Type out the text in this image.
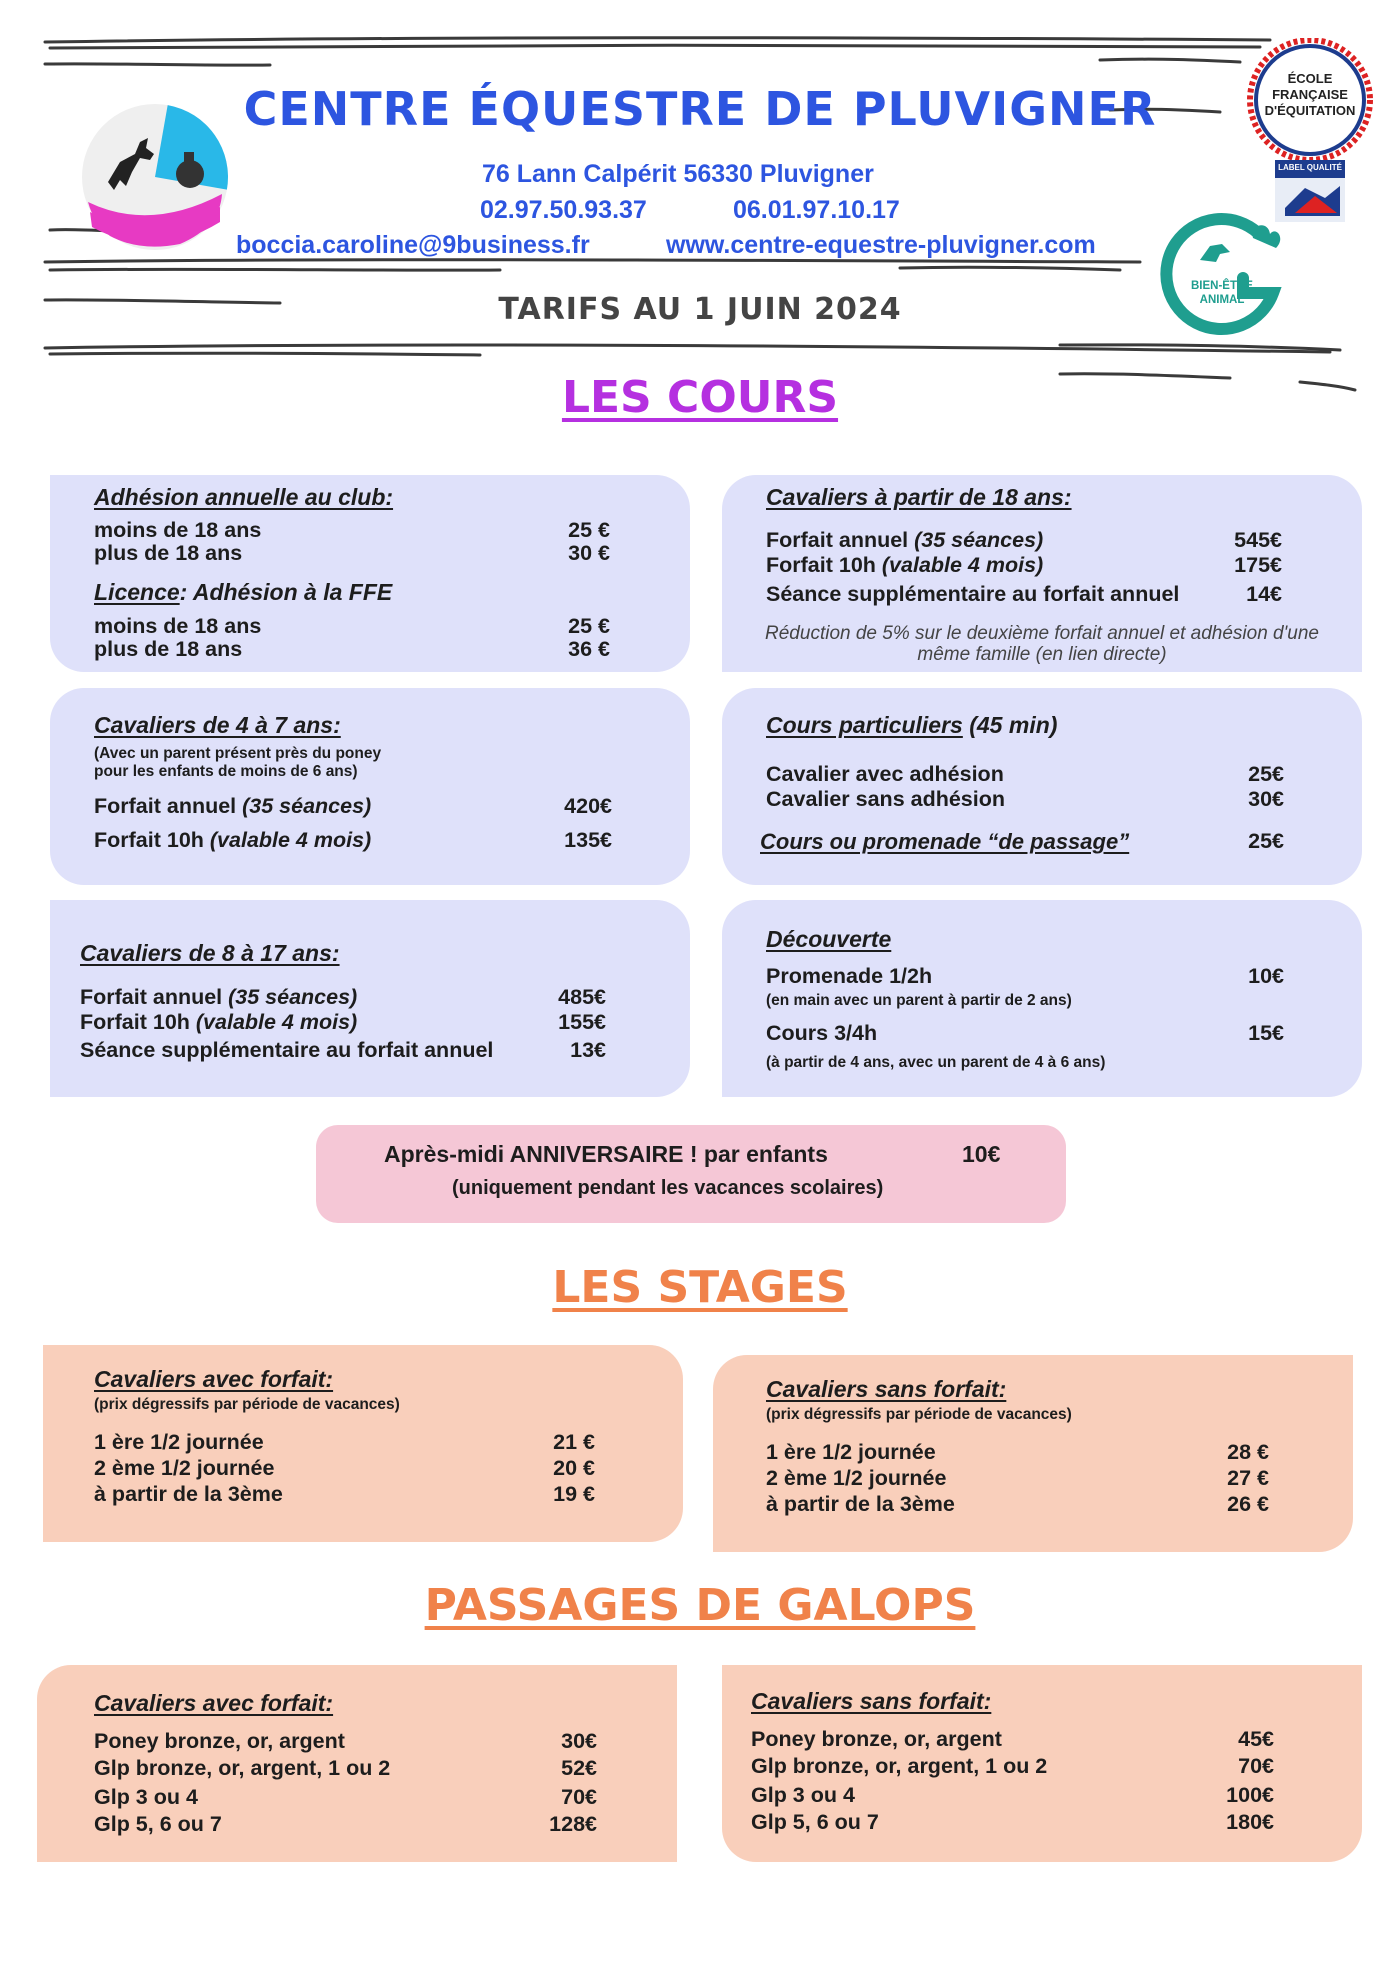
CENTRE ÉQUESTRE DE PLUVIGNER
76 Lann Calpérit 56330 Pluvigner
02.97.50.93.37	06.01.97.10.17
boccia.caroline@9business.fr	www.centre-equestre-pluvigner.com
TARIFS AU 1 JUIN 2024
ÉCOLE
FRANÇAISE
D'ÉQUITATION
LABEL QUALITÉ
BIEN-ÊTRE
ANIMAL
LES COURS
Adhésion annuelle au club:
moins de 18 ans	25 €
plus de 18 ans	30 €
Licence: Adhésion à la FFE
moins de 18 ans	25 €
plus de 18 ans	36 €
Cavaliers à partir de 18 ans:
Forfait annuel (35 séances)	545€
Forfait 10h (valable 4 mois)	175€
Séance supplémentaire au forfait annuel	14€
Réduction de 5% sur le deuxième forfait annuel et adhésion d'une même famille (en lien directe)
Cavaliers de 4 à 7 ans:
(Avec un parent présent près du poney
pour les enfants de moins de 6 ans)
Forfait annuel (35 séances)	420€
Forfait 10h (valable 4 mois)	135€
Cours particuliers (45 min)
Cavalier avec adhésion	25€
Cavalier sans adhésion	30€
Cours ou promenade “de passage”	25€
Cavaliers de 8 à 17 ans:
Forfait annuel (35 séances)	485€
Forfait 10h (valable 4 mois)	155€
Séance supplémentaire au forfait annuel	13€
Découverte
Promenade 1/2h	10€
(en main avec un parent à partir de 2 ans)
Cours 3/4h	15€
(à partir de 4 ans, avec un parent de 4 à 6 ans)
Après-midi ANNIVERSAIRE ! par enfants	10€
(uniquement pendant les vacances scolaires)
LES STAGES
Cavaliers avec forfait:
(prix dégressifs par période de vacances)
1 ère 1/2 journée	21 €
2 ème 1/2 journée	20 €
à partir de la 3ème	19 €
Cavaliers sans forfait:
(prix dégressifs par période de vacances)
1 ère 1/2 journée	28 €
2 ème 1/2 journée	27 €
à partir de la 3ème	26 €
PASSAGES DE GALOPS
Cavaliers avec forfait:
Poney bronze, or, argent	30€
Glp bronze, or, argent, 1 ou 2	52€
Glp 3 ou 4	70€
Glp 5, 6 ou 7	128€
Cavaliers sans forfait:
Poney bronze, or, argent	45€
Glp bronze, or, argent, 1 ou 2	70€
Glp 3 ou 4	100€
Glp 5, 6 ou 7	180€
